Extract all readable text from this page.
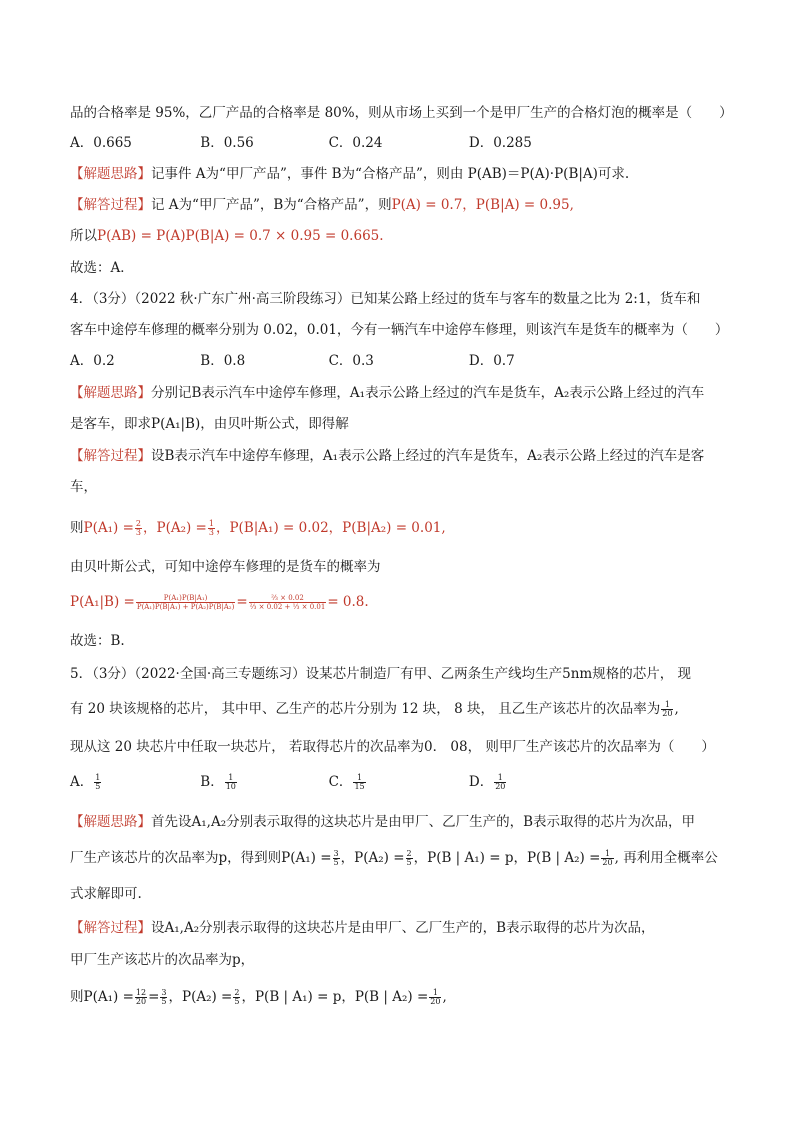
品的合格率是 95%，乙厂产品的合格率是 80%，则从市场上买到一个是甲厂生产的合格灯泡的概率是（　　）
A．0.665	B．0.56	C．0.24	D．0.285
【解题思路】记事件 A为“甲厂产品”，事件 B为“合格产品”，则由 P(AB)＝P(A)·P(B|A)可求.
【解答过程】记 A为“甲厂产品”，B为“合格产品”，则P(A) = 0.7，P(B|A) = 0.95,
所以P(AB) = P(A)P(B|A) = 0.7 × 0.95 = 0.665.
故选：A．
4．（3分）（2022 秋·广东广州·高三阶段练习）已知某公路上经过的货车与客车的数量之比为 2:1，货车和
客车中途停车修理的概率分别为 0.02，0.01，今有一辆汽车中途停车修理，则该汽车是货车的概率为（　　）
A．0.2	B．0.8	C．0.3	D．0.7
【解题思路】分别记B表示汽车中途停车修理，A₁表示公路上经过的汽车是货车，A₂表示公路上经过的汽车
是客车，即求P(A₁|B)，由贝叶斯公式，即得解
【解答过程】设B表示汽车中途停车修理，A₁表示公路上经过的汽车是货车，A₂表示公路上经过的汽车是客
车，
则$P(A_1) = \frac{2}{3}$ ，$P(A_2) = \frac{1}{3}$ ，P(B|A₁) = 0.02，P(B|A₂) = 0.01,
由贝叶斯公式，可知中途停车修理的是货车的概率为
$P(A_1|B) = \frac{\text{P(A₁)P(B|A₁)}}{\text{P(A₁)P(B|A₁) + P(A₂)P(B|A₂)}} = \frac{\text{⅔ × 0.02}}{\text{⅔ × 0.02 + ⅓ × 0.01}} = 0.8$.
故选：B.
5．（3分）（2022·全国·高三专题练习）设某芯片制造厂有甲、乙两条生产线均生产5nm规格的芯片， 现
有 20 块该规格的芯片， 其中甲、乙生产的芯片分别为 12 块， 8 块， 且乙生产该芯片的次品率为 $\frac{1}{20}$ ,
现从这 20 块芯片中任取一块芯片， 若取得芯片的次品率为0． 08， 则甲厂生产该芯片的次品率为（　　）
A． $\frac{1}{5}$	B． $\frac{1}{10}$	C． $\frac{1}{15}$	D． $\frac{1}{20}$
【解题思路】首先设A₁,A₂分别表示取得的这块芯片是由甲厂、乙厂生产的，B表示取得的芯片为次品，甲
厂生产该芯片的次品率为p，得到则$P(A_1) = \frac{3}{5}$ ，$P(A_2) = \frac{2}{5}$ ，P(B | A₁) = p，P(B | $A_2) = \frac{1}{20}$ , 再利用全概率公
式求解即可.
【解答过程】设A₁,A₂分别表示取得的这块芯片是由甲厂、乙厂生产的，B表示取得的芯片为次品，
甲厂生产该芯片的次品率为p，
则$P(A_1) = \frac{12}{20} = \frac{3}{5}$ ，$P(A_2) = \frac{2}{5}$ ，P(B | A₁) = p，P(B | $A_2) = \frac{1}{20}$ ,
